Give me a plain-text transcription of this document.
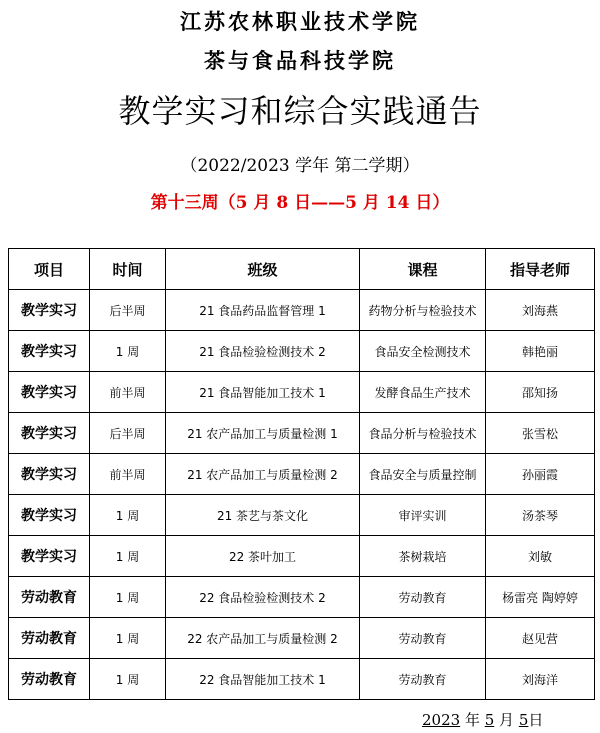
江苏农林职业技术学院
茶与食品科技学院
教学实习和综合实践通告
（2022/2023 学年 第二学期）
第十三周（5 月 8 日——5 月 14 日）
项目	时间	班级	课程	指导老师
教学实习	后半周	21 食品药品监督管理 1	药物分析与检验技术	刘海燕
教学实习	1 周	21 食品检验检测技术 2	食品安全检测技术	韩艳丽
教学实习	前半周	21 食品智能加工技术 1	发酵食品生产技术	邵知扬
教学实习	后半周	21 农产品加工与质量检测 1	食品分析与检验技术	张雪松
教学实习	前半周	21 农产品加工与质量检测 2	食品安全与质量控制	孙丽霞
教学实习	1 周	21 茶艺与茶文化	审评实训	汤茶琴
教学实习	1 周	22 茶叶加工	茶树栽培	刘敏
劳动教育	1 周	22 食品检验检测技术 2	劳动教育	杨雷亮 陶婷婷
劳动教育	1 周	22 农产品加工与质量检测 2	劳动教育	赵见营
劳动教育	1 周	22 食品智能加工技术 1	劳动教育	刘海洋
2023 年 5 月 5日
